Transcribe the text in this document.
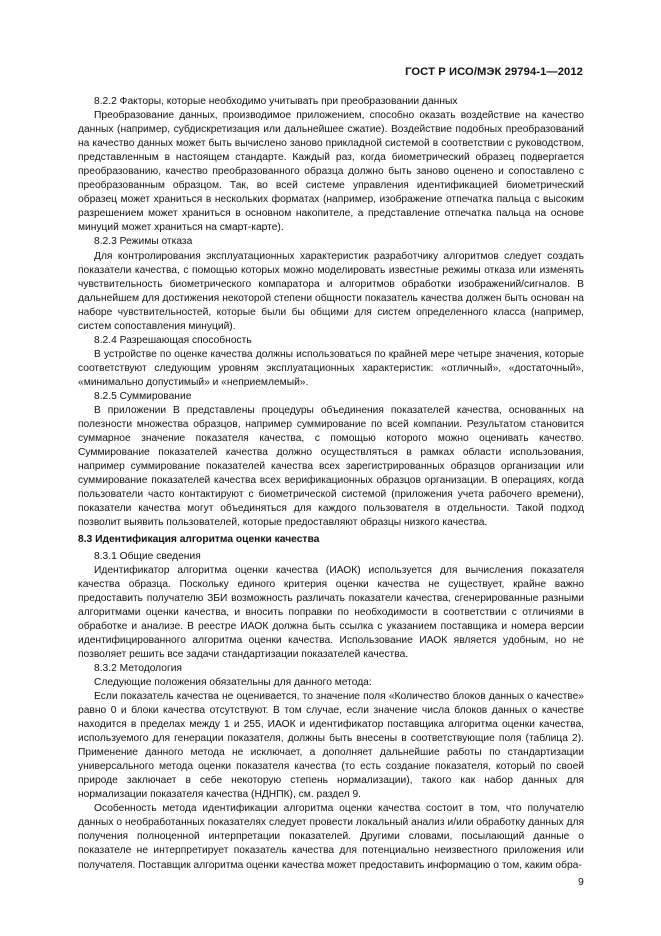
ГОСТ Р ИСО/МЭК 29794-1—2012

8.2.2 Факторы, которые необходимо учитывать при преобразовании данных

Преобразование данных, производимое приложением, способно оказать воздействие на качество данных (например, субдискретизация или дальнейшее сжатие). Воздействие подобных преобразований на качество данных может быть вычислено заново прикладной системой в соответствии с руководством, представленным в настоящем стандарте. Каждый раз, когда биометрический образец подвергается преобразованию, качество преобразованного образца должно быть заново оценено и сопоставлено с преобразованным образцом. Так, во всей системе управления идентификацией биометрический образец может храниться в нескольких форматах (например, изображение отпечатка пальца с высоким разрешением может храниться в основном накопителе, а представление отпечатка пальца на основе минуций может храниться на смарт-карте).

8.2.3 Режимы отказа

Для контролирования эксплуатационных характеристик разработчику алгоритмов следует создать показатели качества, с помощью которых можно моделировать известные режимы отказа или изменять чувствительность биометрического компаратора и алгоритмов обработки изображений/сигналов. В дальнейшем для достижения некоторой степени общности показатель качества должен быть основан на наборе чувствительностей, которые были бы общими для систем определенного класса (например, систем сопоставления минуций).

8.2.4 Разрешающая способность

В устройстве по оценке качества должны использоваться по крайней мере четыре значения, которые соответствуют следующим уровням эксплуатационных характеристик: «отличный», «достаточный», «минимально допустимый» и «неприемлемый».

8.2.5 Суммирование

В приложении В представлены процедуры объединения показателей качества, основанных на полезности множества образцов, например суммирование по всей компании. Результатом становится суммарное значение показателя качества, с помощью которого можно оценивать качество. Суммирование показателей качества должно осуществляться в рамках области использования, например суммирование показателей качества всех зарегистрированных образцов организации или суммирование показателей качества всех верификационных образцов организации. В операциях, когда пользователи часто контактируют с биометрической системой (приложения учета рабочего времени), показатели качества могут объединяться для каждого пользователя в отдельности. Такой подход позволит выявить пользователей, которые предоставляют образцы низкого качества.

8.3 Идентификация алгоритма оценки качества

8.3.1 Общие сведения

Идентификатор алгоритма оценки качества (ИАОК) используется для вычисления показателя качества образца. Поскольку единого критерия оценки качества не существует, крайне важно предоставить получателю ЗБИ возможность различать показатели качества, сгенерированные разными алгоритмами оценки качества, и вносить поправки по необходимости в соответствии с отличиями в обработке и анализе. В реестре ИАОК должна быть ссылка с указанием поставщика и номера версии идентифицированного алгоритма оценки качества. Использование ИАОК является удобным, но не позволяет решить все задачи стандартизации показателей качества.

8.3.2 Методология

Следующие положения обязательны для данного метода:

Если показатель качества не оценивается, то значение поля «Количество блоков данных о качестве» равно 0 и блоки качества отсутствуют. В том случае, если значение числа блоков данных о качестве находится в пределах между 1 и 255, ИАОК и идентификатор поставщика алгоритма оценки качества, используемого для генерации показателя, должны быть внесены в соответствующие поля (таблица 2). Применение данного метода не исключает, а дополняет дальнейшие работы по стандартизации универсального метода оценки показателя качества (то есть создание показателя, который по своей природе заключает в себе некоторую степень нормализации), такого как набор данных для нормализации показателя качества (НДНПК), см. раздел 9.

Особенность метода идентификации алгоритма оценки качества состоит в том, что получателю данных о необработанных показателях следует провести локальный анализ и/или обработку данных для получения полноценной интерпретации показателей. Другими словами, посылающий данные о показателе не интерпретирует показатель качества для потенциально неизвестного приложения или получателя. Поставщик алгоритма оценки качества может предоставить информацию о том, каким обра-

9
